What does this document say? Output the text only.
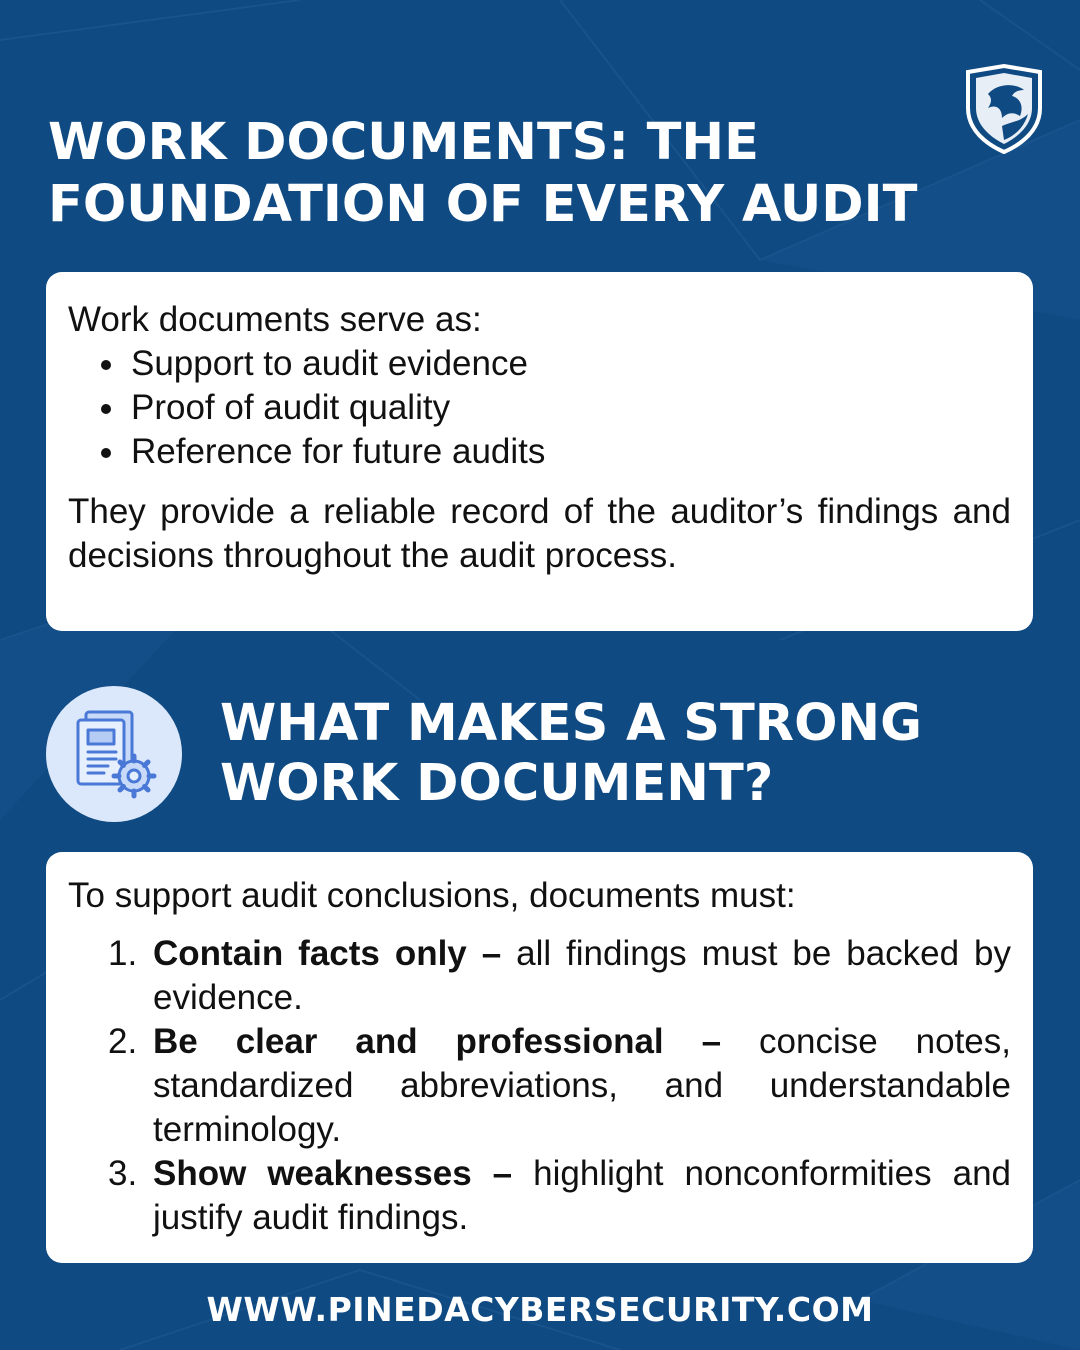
WORK DOCUMENTS: THE
FOUNDATION OF EVERY AUDIT

Work documents serve as:

Support to audit evidence
Proof of audit quality
Reference for future audits

They provide a reliable record of the auditor’s findings and decisions throughout the audit process.

WHAT MAKES A STRONG
WORK DOCUMENT?

To support audit conclusions, documents must:

1. Contain facts only – all findings must be backed by evidence.
2. Be clear and professional – concise notes, standardized abbreviations, and understandable terminology.
3. Show weaknesses – highlight nonconformities and justify audit findings.
WWW.PINEDACYBERSECURITY.COM
